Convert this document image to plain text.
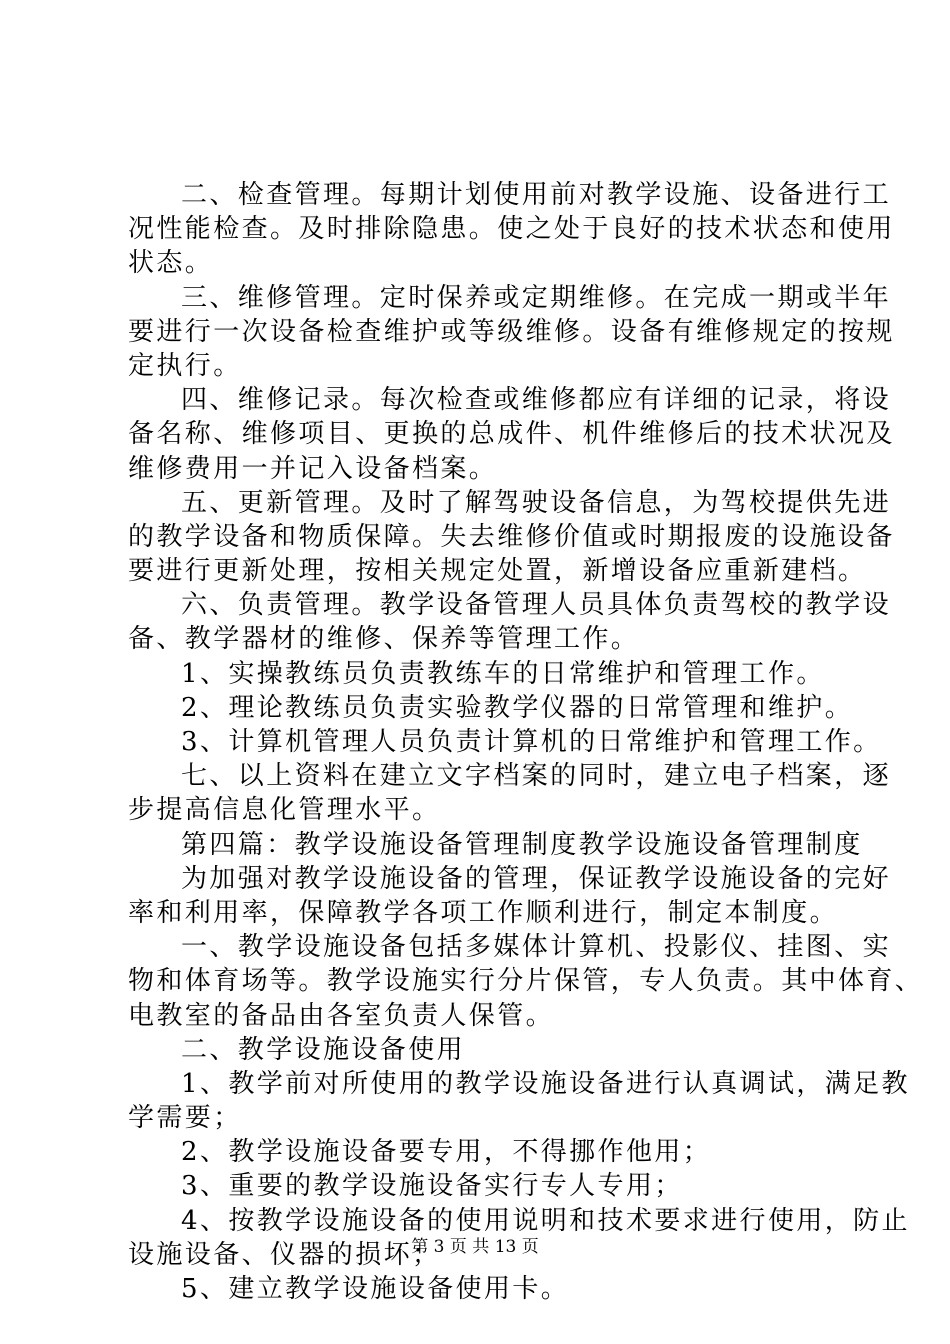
二、检查管理。每期计划使用前对教学设施、设备进行工
况性能检查。及时排除隐患。使之处于良好的技术状态和使用
状态。
三、维修管理。定时保养或定期维修。在完成一期或半年
要进行一次设备检查维护或等级维修。设备有维修规定的按规
定执行。
四、维修记录。每次检查或维修都应有详细的记录，将设
备名称、维修项目、更换的总成件、机件维修后的技术状况及
维修费用一并记入设备档案。
五、更新管理。及时了解驾驶设备信息，为驾校提供先进
的教学设备和物质保障。失去维修价值或时期报废的设施设备
要进行更新处理，按相关规定处置，新增设备应重新建档。
六、负责管理。教学设备管理人员具体负责驾校的教学设
备、教学器材的维修、保养等管理工作。
1、实操教练员负责教练车的日常维护和管理工作。
2、理论教练员负责实验教学仪器的日常管理和维护。
3、计算机管理人员负责计算机的日常维护和管理工作。
七、以上资料在建立文字档案的同时，建立电子档案，逐
步提高信息化管理水平。
第四篇：教学设施设备管理制度教学设施设备管理制度
为加强对教学设施设备的管理，保证教学设施设备的完好
率和利用率，保障教学各项工作顺利进行，制定本制度。
一、教学设施设备包括多媒体计算机、投影仪、挂图、实
物和体育场等。教学设施实行分片保管，专人负责。其中体育、
电教室的备品由各室负责人保管。
二、教学设施设备使用
1、教学前对所使用的教学设施设备进行认真调试，满足教
学需要；
2、教学设施设备要专用，不得挪作他用；
3、重要的教学设施设备实行专人专用；
4、按教学设施设备的使用说明和技术要求进行使用，防止
设施设备、仪器的损坏；
5、建立教学设施设备使用卡。
第 3 页 共 13 页
